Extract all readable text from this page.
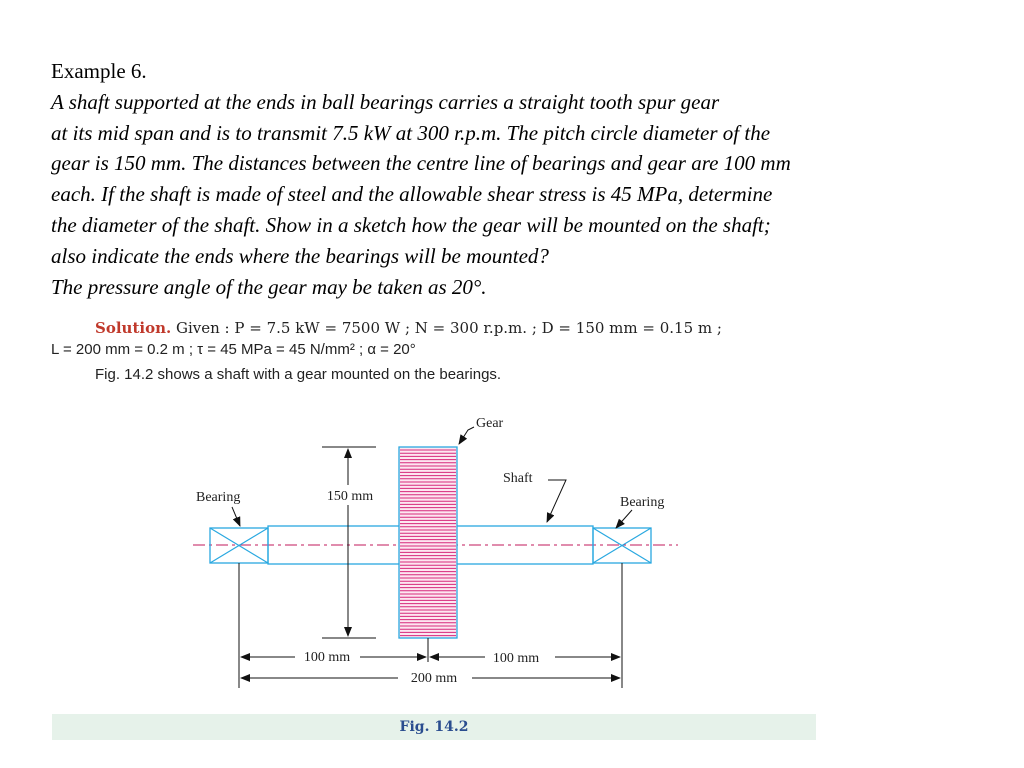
Example 6.
A shaft supported at the ends in ball bearings carries a straight tooth spur gear
at its mid span and is to transmit 7.5 kW at 300 r.p.m. The pitch circle diameter of the
gear is 150 mm. The distances between the centre line of bearings and gear are 100 mm
each. If the shaft is made of steel and the allowable shear stress is 45 MPa, determine
the diameter of the shaft. Show in a sketch how the gear will be mounted on the shaft;
also indicate the ends where the bearings will be mounted?
The pressure angle of the gear may be taken as 20°.
Solution. Given : P = 7.5 kW = 7500 W ; N = 300 r.p.m. ; D = 150 mm = 0.15 m ;
L = 200 mm = 0.2 m ; τ = 45 MPa = 45 N/mm² ; α = 20°
Fig. 14.2 shows a shaft with a gear mounted on the bearings.
150 mm
100 mm	100 mm
200 mm
Gear
Shaft
Bearing	Bearing
Fig. 14.2
